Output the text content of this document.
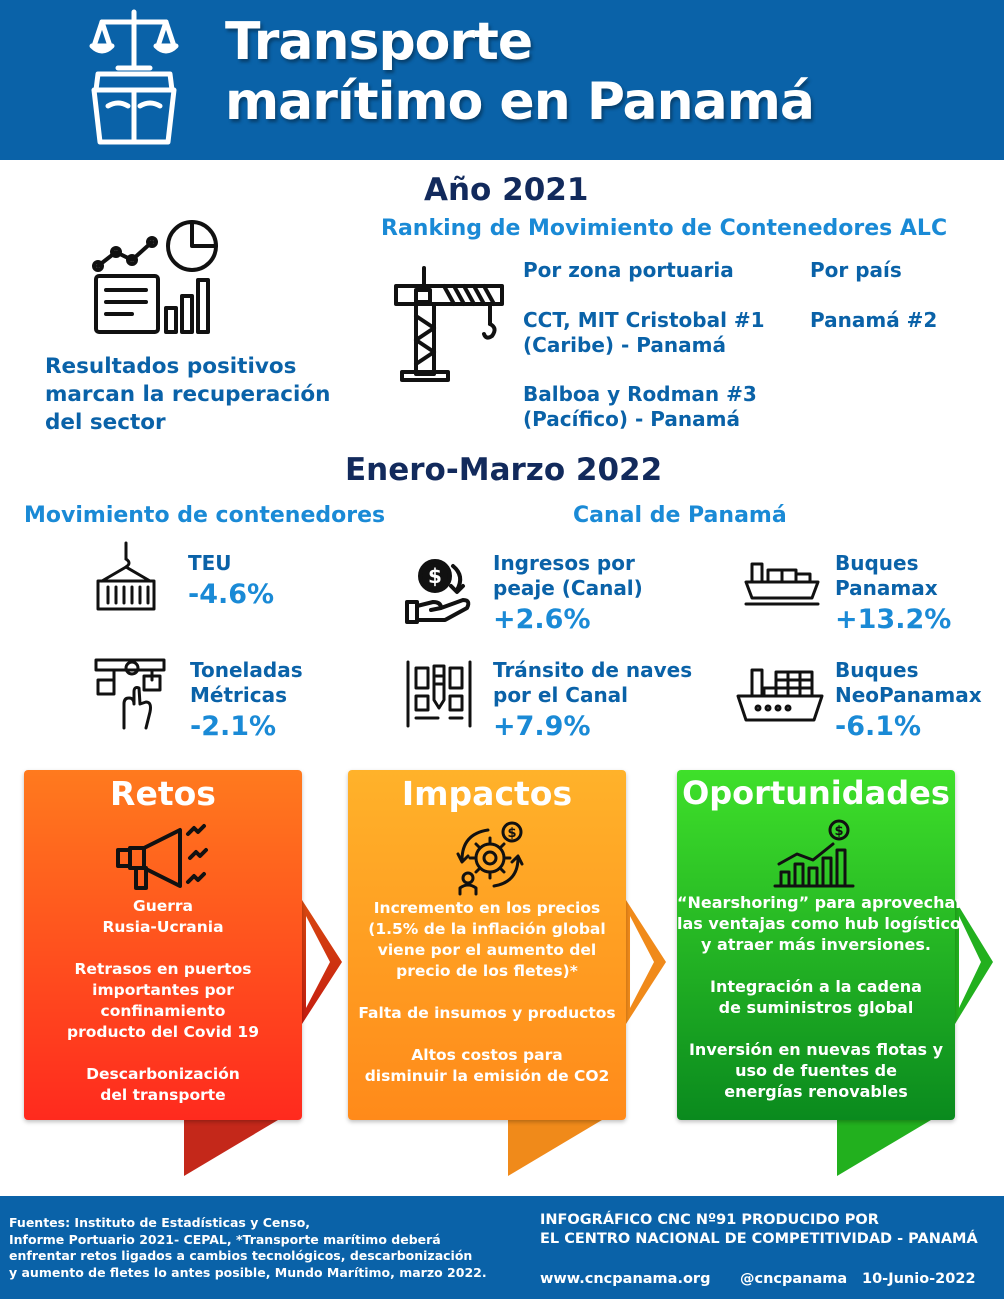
Transporte
marítimo en Panamá
Año 2021
Ranking de Movimiento de Contenedores ALC
Resultados positivos
marcan la recuperación
del sector
Por zona portuaria	Por país
CCT, MIT Cristobal #1
(Caribe) - Panamá
Panamá #2
Balboa y Rodman #3
(Pacífico) - Panamá
Enero-Marzo 2022
Movimiento de contenedores	Canal de Panamá
TEU
-4.6%
Toneladas
Métricas
-2.1%
$
Ingresos por
peaje (Canal)
+2.6%
Tránsito de naves
por el Canal
+7.9%
Buques
Panamax
+13.2%
Buques
NeoPanamax
-6.1%
Retos

Guerra
Rusia-Ucrania

Retrasos en puertos
importantes por
confinamiento
producto del Covid 19

Descarbonización
del transporte

Impactos
$

Incremento en los precios
(1.5% de la inflación global
viene por el aumento del
precio de los fletes)*

Falta de insumos y productos

Altos costos para
disminuir la emisión de CO2

Oportunidades
$

“Nearshoring” para aprovechar
las ventajas como hub logístico
y atraer más inversiones.

Integración a la cadena
de suministros global

Inversión en nuevas flotas y
uso de fuentes de
energías renovables

Fuentes: Instituto de Estadísticas y Censo,
Informe Portuario 2021- CEPAL, *Transporte marítimo deberá
enfrentar retos ligados a cambios tecnológicos, descarbonización
y aumento de fletes lo antes posible, Mundo Marítimo, marzo 2022.
INFOGRÁFICO CNC Nº91 PRODUCIDO POR
EL CENTRO NACIONAL DE COMPETITIVIDAD - PANAMÁ
www.cncpanama.org @cncpanama 10-Junio-2022
